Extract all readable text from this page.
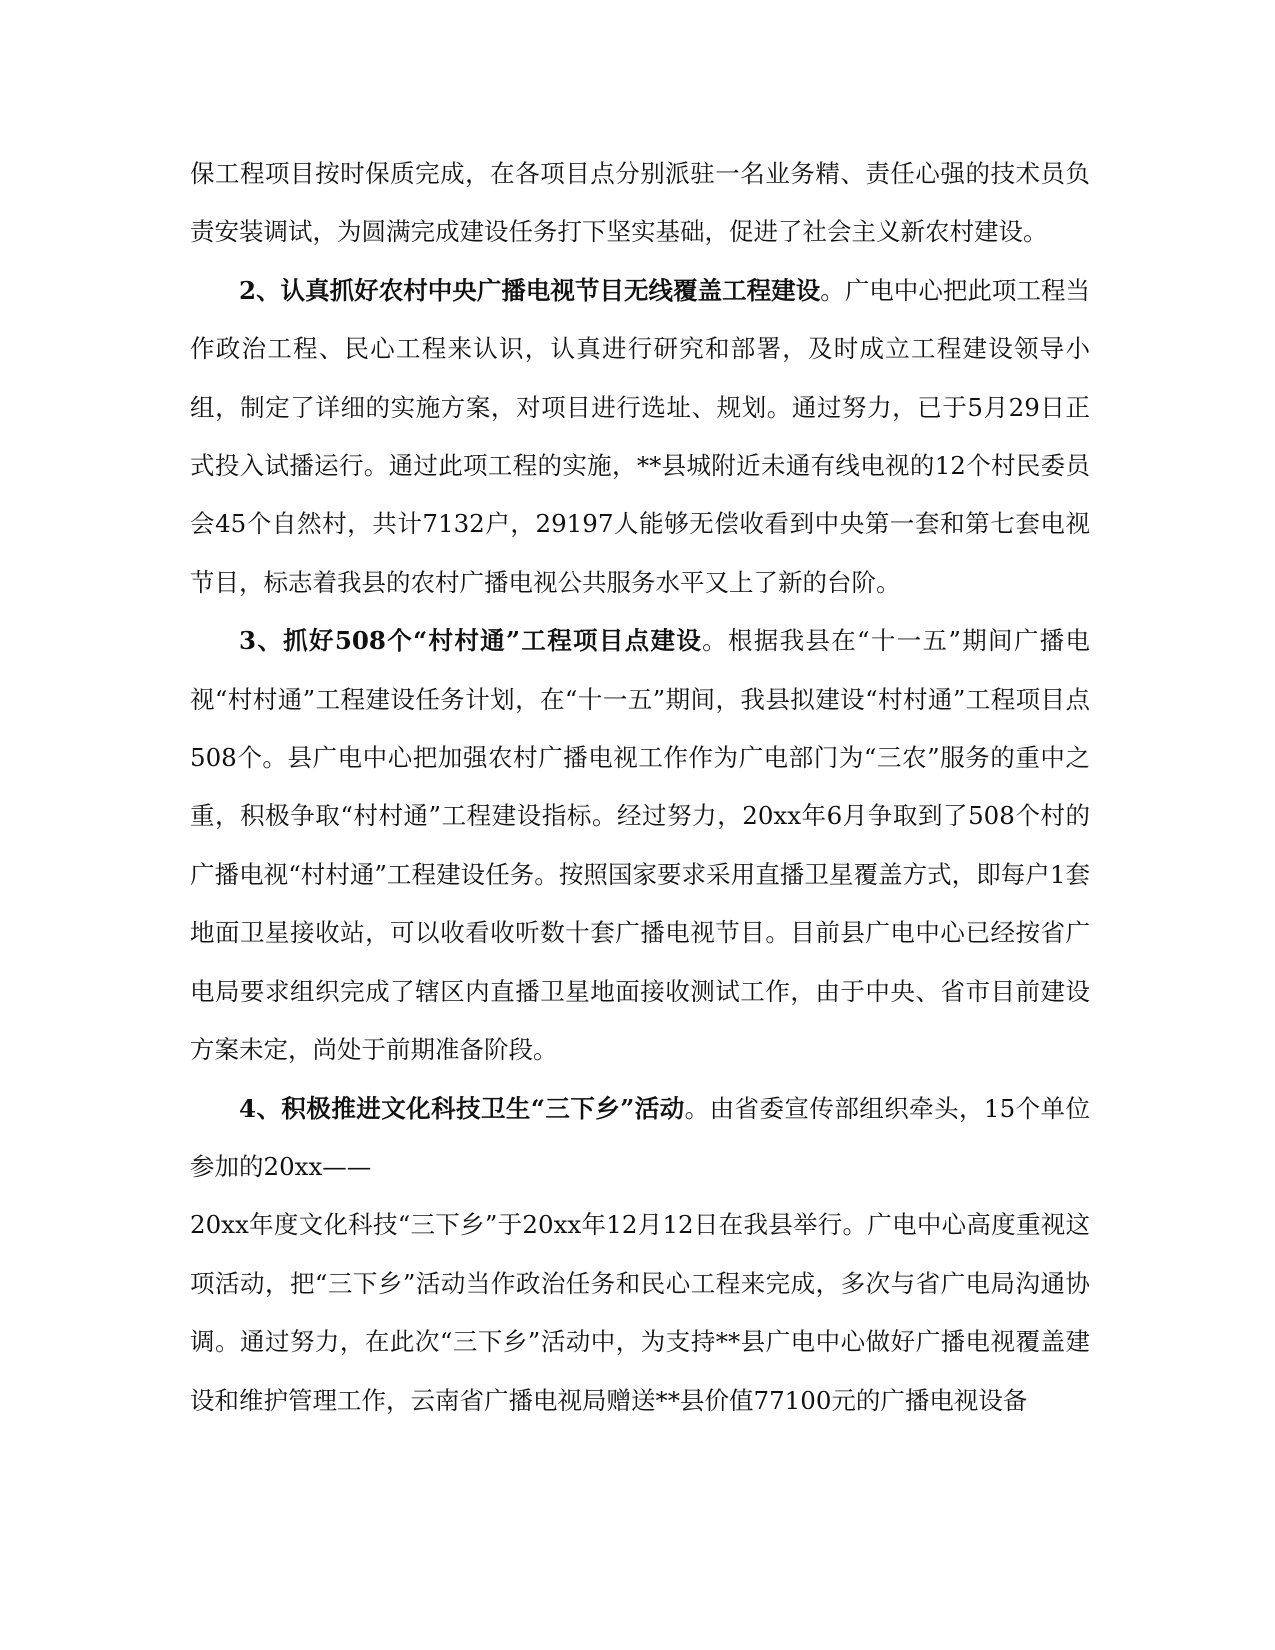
保工程项目按时保质完成，在各项目点分别派驻一名业务精、责任心强的技术员负责安装调试，为圆满完成建设任务打下坚实基础，促进了社会主义新农村建设。

2、认真抓好农村中央广播电视节目无线覆盖工程建设。广电中心把此项工程当作政治工程、民心工程来认识，认真进行研究和部署，及时成立工程建设领导小组，制定了详细的实施方案，对项目进行选址、规划。通过努力，已于5月29日正式投入试播运行。通过此项工程的实施，**县城附近未通有线电视的12个村民委员会45个自然村，共计7132户，29197人能够无偿收看到中央第一套和第七套电视节目，标志着我县的农村广播电视公共服务水平又上了新的台阶。

3、抓好508个“村村通”工程项目点建设。根据我县在“十一五”期间广播电视“村村通”工程建设任务计划，在“十一五”期间，我县拟建设“村村通”工程项目点508个。县广电中心把加强农村广播电视工作作为广电部门为“三农”服务的重中之重，积极争取“村村通”工程建设指标。经过努力，20xx年6月争取到了508个村的广播电视“村村通”工程建设任务。按照国家要求采用直播卫星覆盖方式，即每户1套地面卫星接收站，可以收看收听数十套广播电视节目。目前县广电中心已经按省广电局要求组织完成了辖区内直播卫星地面接收测试工作，由于中央、省市目前建设方案未定，尚处于前期准备阶段。

4、积极推进文化科技卫生“三下乡”活动。由省委宣传部组织牵头，15个单位参加的20xx——

20xx年度文化科技“三下乡”于20xx年12月12日在我县举行。广电中心高度重视这项活动，把“三下乡”活动当作政治任务和民心工程来完成，多次与省广电局沟通协调。通过努力，在此次“三下乡”活动中，为支持**县广电中心做好广播电视覆盖建设和维护管理工作，云南省广播电视局赠送**县价值77100元的广播电视设备
